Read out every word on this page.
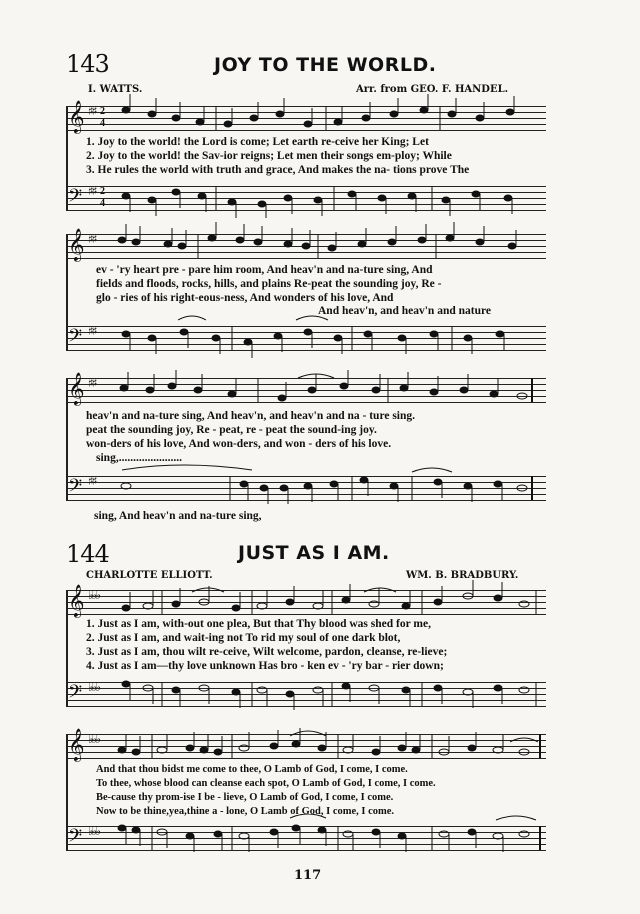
143	JOY TO THE WORLD.
I. WATTS.	Arr. from GEO. F. HANDEL.
𝄞 ♯♯ 2
4
1. Joy to the world! the Lord is come; Let earth re-ceive her King; Let
2. Joy to the world! the Sav-ior reigns; Let men their songs em-ploy; While
3. He rules the world with truth and grace, And makes the na- tions prove The
𝄢 ♯♯ 2
4
𝄞 ♯♯
ev - 'ry heart pre - pare him room, And heav'n and na-ture sing, And
fields and floods, rocks, hills, and plains Re-peat the sounding joy, Re -
glo - ries of his right-eous-ness, And wonders of his love, And
And heav'n, and heav'n and nature
𝄢 ♯♯
𝄞 ♯♯
heav'n and na-ture sing, And heav'n, and heav'n and na - ture sing.
peat the sounding joy, Re - peat, re - peat the sound-ing joy.
won-ders of his love, And won-ders, and won - ders of his love.
sing,......................
𝄢 ♯♯
sing, And heav'n and na-ture sing,
144	JUST AS I AM.
CHARLOTTE ELLIOTT.	WM. B. BRADBURY.
𝄞 ♭♭♭
1. Just as I am, with-out one plea, But that Thy blood was shed for me,
2. Just as I am, and wait-ing not To rid my soul of one dark blot,
3. Just as I am, thou wilt re-ceive, Wilt welcome, pardon, cleanse, re-lieve;
4. Just as I am—thy love unknown Has bro - ken ev - 'ry bar - rier down;
𝄢 ♭♭♭
𝄞 ♭♭♭
And that thou bidst me come to thee, O Lamb of God, I come, I come.
To thee, whose blood can cleanse each spot, O Lamb of God, I come, I come.
Be-cause thy prom-ise I be - lieve, O Lamb of God, I come, I come.
Now to be thine,yea,thine a - lone, O Lamb of God, I come, I come.
𝄢 ♭♭♭
117
